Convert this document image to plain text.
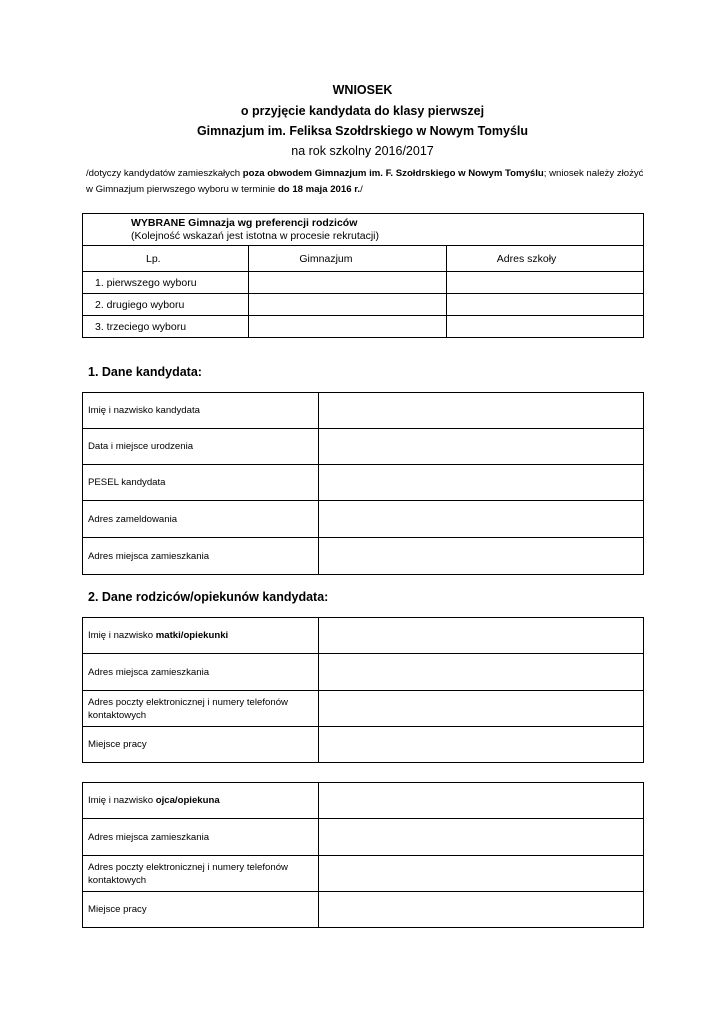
WNIOSEK
o przyjęcie kandydata do klasy pierwszej
Gimnazjum im. Feliksa Szołdrskiego w Nowym Tomyślu
na rok szkolny 2016/2017
/dotyczy kandydatów zamieszkałych poza obwodem Gimnazjum im. F. Szołdrskiego w Nowym Tomyślu; wniosek należy złożyć w Gimnazjum pierwszego wyboru w terminie do 18 maja 2016 r./
WYBRANE Gimnazja wg preferencji rodziców
(Kolejność wskazań jest istotna w procesie rekrutacji)		

Lp.	Gimnazjum	Adres szkoły
1. pierwszego wyboru		
2. drugiego wyboru		
3. trzeciego wyboru		
1. Dane kandydata:
Imię i nazwisko kandydata	
Data i miejsce urodzenia	
PESEL kandydata	
Adres zameldowania	
Adres miejsca zamieszkania	
2. Dane rodziców/opiekunów kandydata:
Imię i nazwisko matki/opiekunki	
Adres miejsca zamieszkania	
Adres poczty elektronicznej i numery telefonów kontaktowych	
Miejsce pracy	
Imię i nazwisko ojca/opiekuna	
Adres miejsca zamieszkania	
Adres poczty elektronicznej i numery telefonów kontaktowych	
Miejsce pracy	
